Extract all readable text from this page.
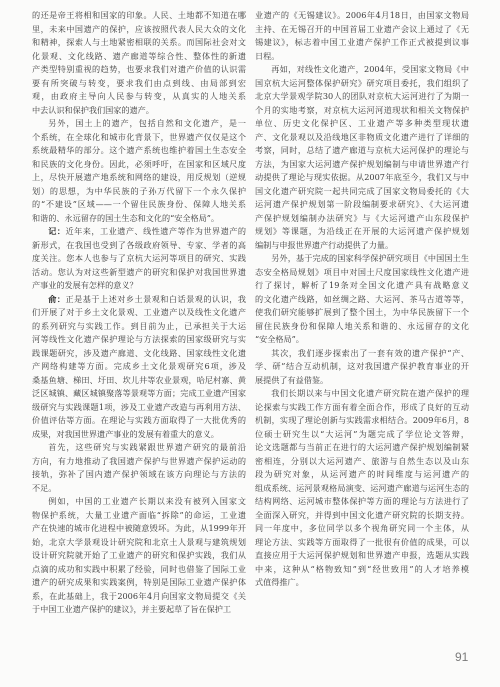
的还是帝王将相和国家的印象。人民、土地都不知道在哪
里，未来中国遗产的保护，应该按照代表人民大众的文化
和精神，探索人与土地紧密相联的关系。而国际社会对文
化景观、文化线路、遗产廊道等综合性、整体性的新遗
产类型特别重视的趋势，也要求我们对遗产价值的认识需
要有所突破与转变，要求我们由点到线、由局部到宏
观，由政府主导向人民参与转变，从真实的人地关系
中去认识和保护我们国家的遗产。
另外，国土上的遗产，包括自然和文化遗产，是一
个系统，在全球化和城市化背景下，世界遗产仅仅是这个
系统最精华的部分。这个遗产系统也维护着国土生态安全
和民族的文化身份。因此，必须呼吁，在国家和区域尺度
上，尽快开展遗产地系统和网络的建设，用反规划（逆规
划）的思想，为中华民族的子孙万代留下一个永久保护
的“不建设”区域——一个留住民族身份、保障人地关系
和谐的、永远留存的国土生态和文化的“安全格局”。
记：近年来，工业遗产、线性遗产等作为世界遗产的
新形式，在我国也受到了各级政府领导、专家、学者的高
度关注。您本人也参与了京杭大运河等项目的研究、实践
活动。您认为对这些新型遗产的研究和保护对我国世界遗
产事业的发展有怎样的意义？
俞：正是基于上述对乡土景观和白话景观的认识，我
们开展了对于乡土文化景观、工业遗产以及线性文化遗产
的系列研究与实践工作。到目前为止，已承担关于大运
河等线性文化遗产保护理论与方法探索的国家级研究与实
践课题研究，涉及遗产廊道、文化线路、国家线性文化遗
产网络构建等方面。完成乡土文化景观研究6项，涉及
桑基鱼塘、梯田、圩田、坎儿井等农业景观，哈尼村寨、黄
泛区城镇、藏区城镇聚落等景观等方面；完成工业遗产国家
级研究与实践课题1项，涉及工业遗产改造与再利用方法、
价值评估等方面。在理论与实践方面取得了一大批优秀的
成果，对我国世界遗产事业的发展有着重大的意义。
首先，这些研究与实践紧跟世界遗产研究的最前沿
方向，有力地推动了我国遗产保护与世界遗产保护运动的
接轨，弥补了国内遗产保护领域在该方向理论与方法的
不足。
例如，中国的工业遗产长期以来没有被列入国家文
物保护系统，大量工业遗产面临“拆除”的命运，工业遗
产在快速的城市化进程中被随意毁坏。为此，从1999年开
始，北京大学景观设计研究院和北京土人景观与建筑规划
设计研究院就开始了工业遗产的研究和保护实践，我们从
点滴的成功和实践中积累了经验，同时也借鉴了国际工业
遗产的研究成果和实践案例，特别是国际工业遗产保护体
系，在此基础上，我于2006年4月向国家文物局提交《关
于中国工业遗产保护的建议》，并主要起草了旨在保护工
业遗产的《无锡建议》。2006年4月18日，由国家文物局
主持、在无锡召开的中国首届工业遗产会议上通过了《无
锡建议》，标志着中国工业遗产保护工作正式被提到议事
日程。
再如，对线性文化遗产，2004年，受国家文物局《中
国京杭大运河整体保护研究》研究项目委托，我们组织了
北京大学景观学院30人的团队对京杭大运河进行了为期一
个月的实地考察，对京杭大运河河道现状和相关文物保护
单位、历史文化保护区、工业遗产等多种类型现状遗
产、文化景观以及沿线地区非物质文化遗产进行了详细的
考察，同时，总结了遗产廊道与京杭大运河保护的理论与
方法，为国家大运河遗产保护规划编制与申请世界遗产行
动提供了理论与现实依据。从2007年底至今，我们又与中
国文化遗产研究院一起共同完成了国家文物局委托的《大
运河遗产保护规划第一阶段编制要求研究》、《大运河遗
产保护规划编制办法研究》与《大运河遗产山东段保护
规划》等课题，为沿线正在开展的大运河遗产保护规划
编制与申报世界遗产行动提供了力量。
另外，基于完成的国家科学保护研究项目《中国国土生
态安全格局规划》项目中对国土尺度国家线性文化遗产进
行了探讨，解析了19条对全国文化遗产具有战略意义
的文化遗产线路，如丝绸之路、大运河、茶马古道等等，
使我们研究能够扩展到了整个国土，为中华民族留下一个
留住民族身份和保障人地关系和谐的、永远留存的文化
“安全格局”。
其次，我们逐步探索出了一套有效的遗产保护“产、
学、研”结合互动机制，这对我国遗产保护教育事业的开
展提供了有益借鉴。
我们长期以来与中国文化遗产研究院在遗产保护的理
论探索与实践工作方面有着全面合作，形成了良好的互动
机制，实现了理论创新与实践需求相结合。2009年6月，8
位硕士研究生以“大运河”为题完成了学位论文答辩，
论文选题都与当前正在进行的大运河遗产保护规划编制紧
密相连，分别以大运河遗产、旅游与自然生态以及山东
段为研究对象，从运河遗产的时间维度与运河遗产的
组成系统、运河景观格局演变、运河遗产廊道与运河生态的
结构网络、运河城市整体保护等方面的理论与方法进行了
全面深入研究，并得到中国文化遗产研究院的长期支持。
同一年度中，多位同学以多个视角研究同一个主体，从
理论方法、实践等方面取得了一批很有价值的成果，可以
直接应用于大运河保护规划和世界遗产申报，选题从实践
中来，这种从“格物致知”到“经世致用”的人才培养模
式值得推广。
91
